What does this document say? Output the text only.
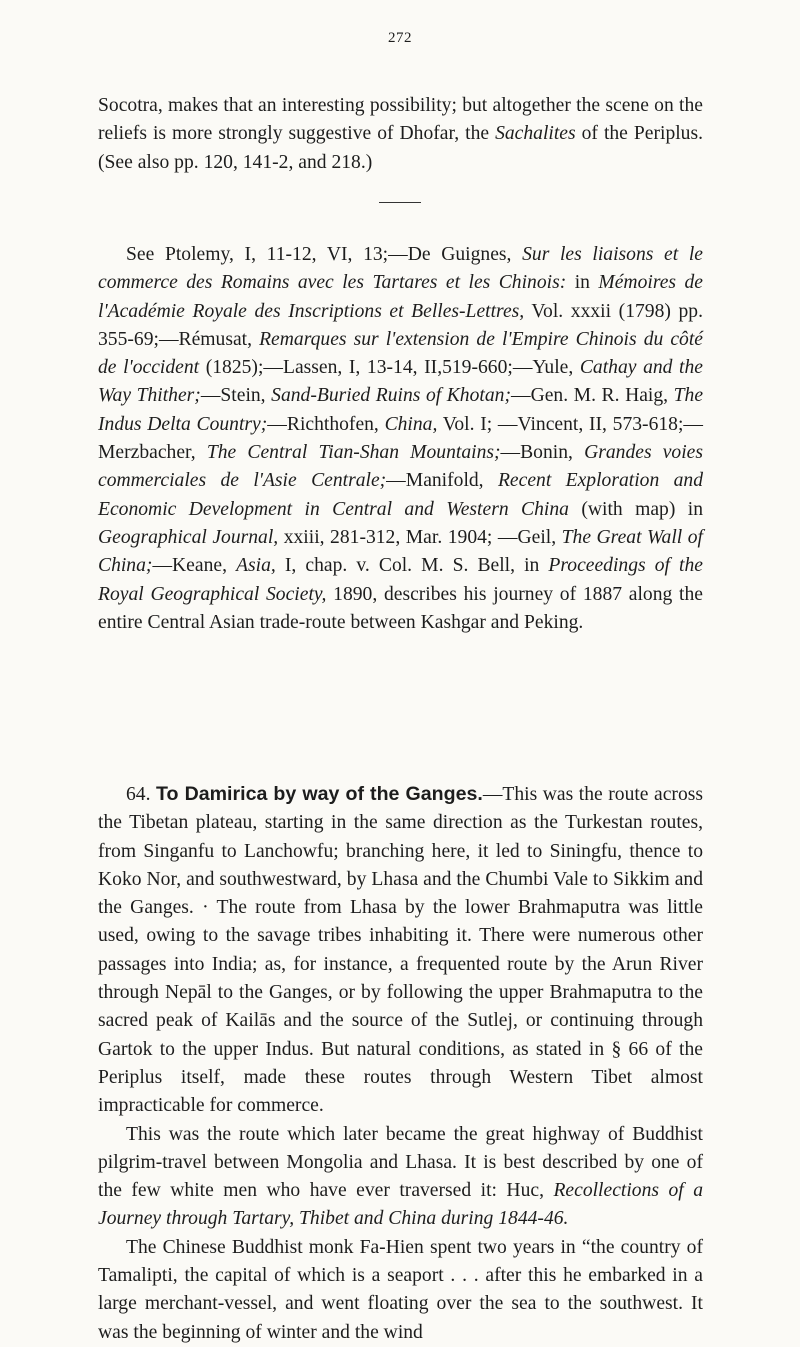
272

Socotra, makes that an interesting possibility; but altogether the scene on the reliefs is more strongly suggestive of Dhofar, the Sachalites of the Periplus. (See also pp. 120, 141-2, and 218.)

See Ptolemy, I, 11-12, VI, 13;—De Guignes, Sur les liaisons et le commerce des Romains avec les Tartares et les Chinois: in Mémoires de l'Académie Royale des Inscriptions et Belles-Lettres, Vol. xxxii (1798) pp. 355-69;—Rémusat, Remarques sur l'extension de l'Empire Chinois du côté de l'occident (1825);—Lassen, I, 13-14, II,519-660;—Yule, Cathay and the Way Thither;—Stein, Sand-Buried Ruins of Khotan;—Gen. M. R. Haig, The Indus Delta Country;—Richthofen, China, Vol. I; —Vincent, II, 573-618;—Merzbacher, The Central Tian-Shan Mountains;—Bonin, Grandes voies commerciales de l'Asie Centrale;—Manifold, Recent Exploration and Economic Development in Central and Western China (with map) in Geographical Journal, xxiii, 281-312, Mar. 1904; —Geil, The Great Wall of China;—Keane, Asia, I, chap. v. Col. M. S. Bell, in Proceedings of the Royal Geographical Society, 1890, describes his journey of 1887 along the entire Central Asian trade-route between Kashgar and Peking.

64. To Damirica by way of the Ganges.—This was the route across the Tibetan plateau, starting in the same direction as the Turkestan routes, from Singanfu to Lanchowfu; branching here, it led to Siningfu, thence to Koko Nor, and southwestward, by Lhasa and the Chumbi Vale to Sikkim and the Ganges. · The route from Lhasa by the lower Brahmaputra was little used, owing to the savage tribes inhabiting it. There were numerous other passages into India; as, for instance, a frequented route by the Arun River through Nepāl to the Ganges, or by following the upper Brahmaputra to the sacred peak of Kailās and the source of the Sutlej, or continuing through Gartok to the upper Indus. But natural conditions, as stated in § 66 of the Periplus itself, made these routes through Western Tibet almost impracticable for commerce.

This was the route which later became the great highway of Buddhist pilgrim-travel between Mongolia and Lhasa. It is best described by one of the few white men who have ever traversed it: Huc, Recollections of a Journey through Tartary, Thibet and China during 1844-46.

The Chinese Buddhist monk Fa-Hien spent two years in “the country of Tamalipti, the capital of which is a seaport . . . after this he embarked in a large merchant-vessel, and went floating over the sea to the southwest. It was the beginning of winter and the wind
